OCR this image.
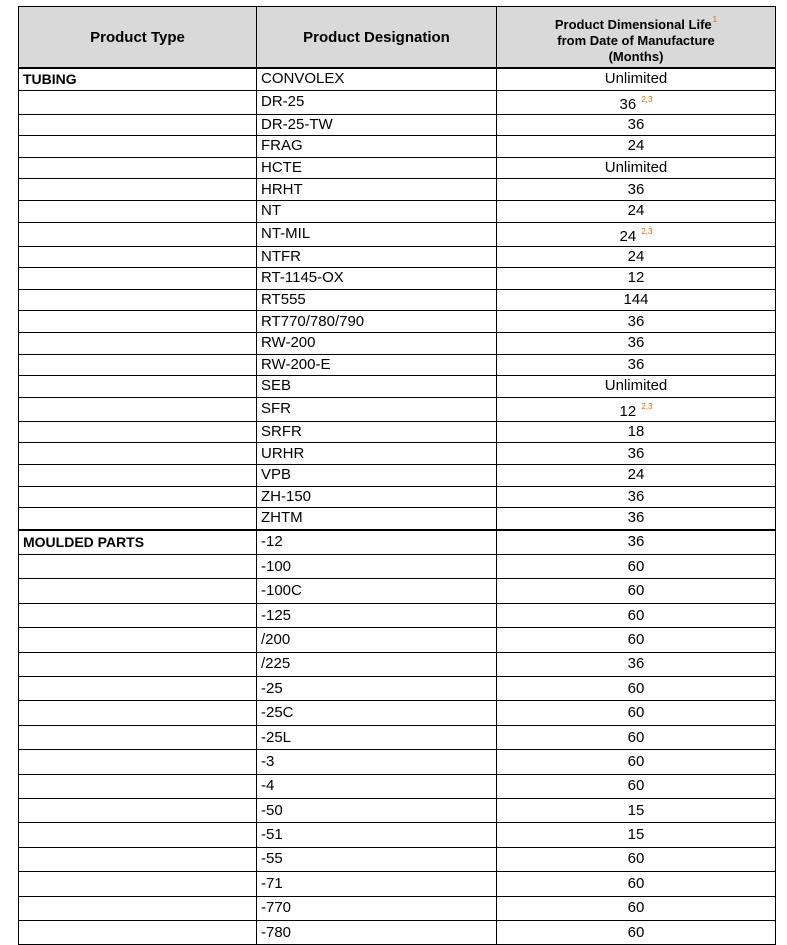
Product Type	Product Designation	Product Dimensional Life$^1$
from Date of Manufacture
(Months)
TUBING	CONVOLEX	Unlimited
	DR-25	36 $^{2,3}$
	DR-25-TW	36
	FRAG	24
	HCTE	Unlimited
	HRHT	36
	NT	24
	NT-MIL	24 $^{2,3}$
	NTFR	24
	RT-1145-OX	12
	RT555	144
	RT770/780/790	36
	RW-200	36
	RW-200-E	36
	SEB	Unlimited
	SFR	12 $^{2,3}$
	SRFR	18
	URHR	36
	VPB	24
	ZH-150	36
	ZHTM	36
MOULDED PARTS	-12	36
	-100	60
	-100C	60
	-125	60
	/200	60
	/225	36
	-25	60
	-25C	60
	-25L	60
	-3	60
	-4	60
	-50	15
	-51	15
	-55	60
	-71	60
	-770	60
	-780	60
